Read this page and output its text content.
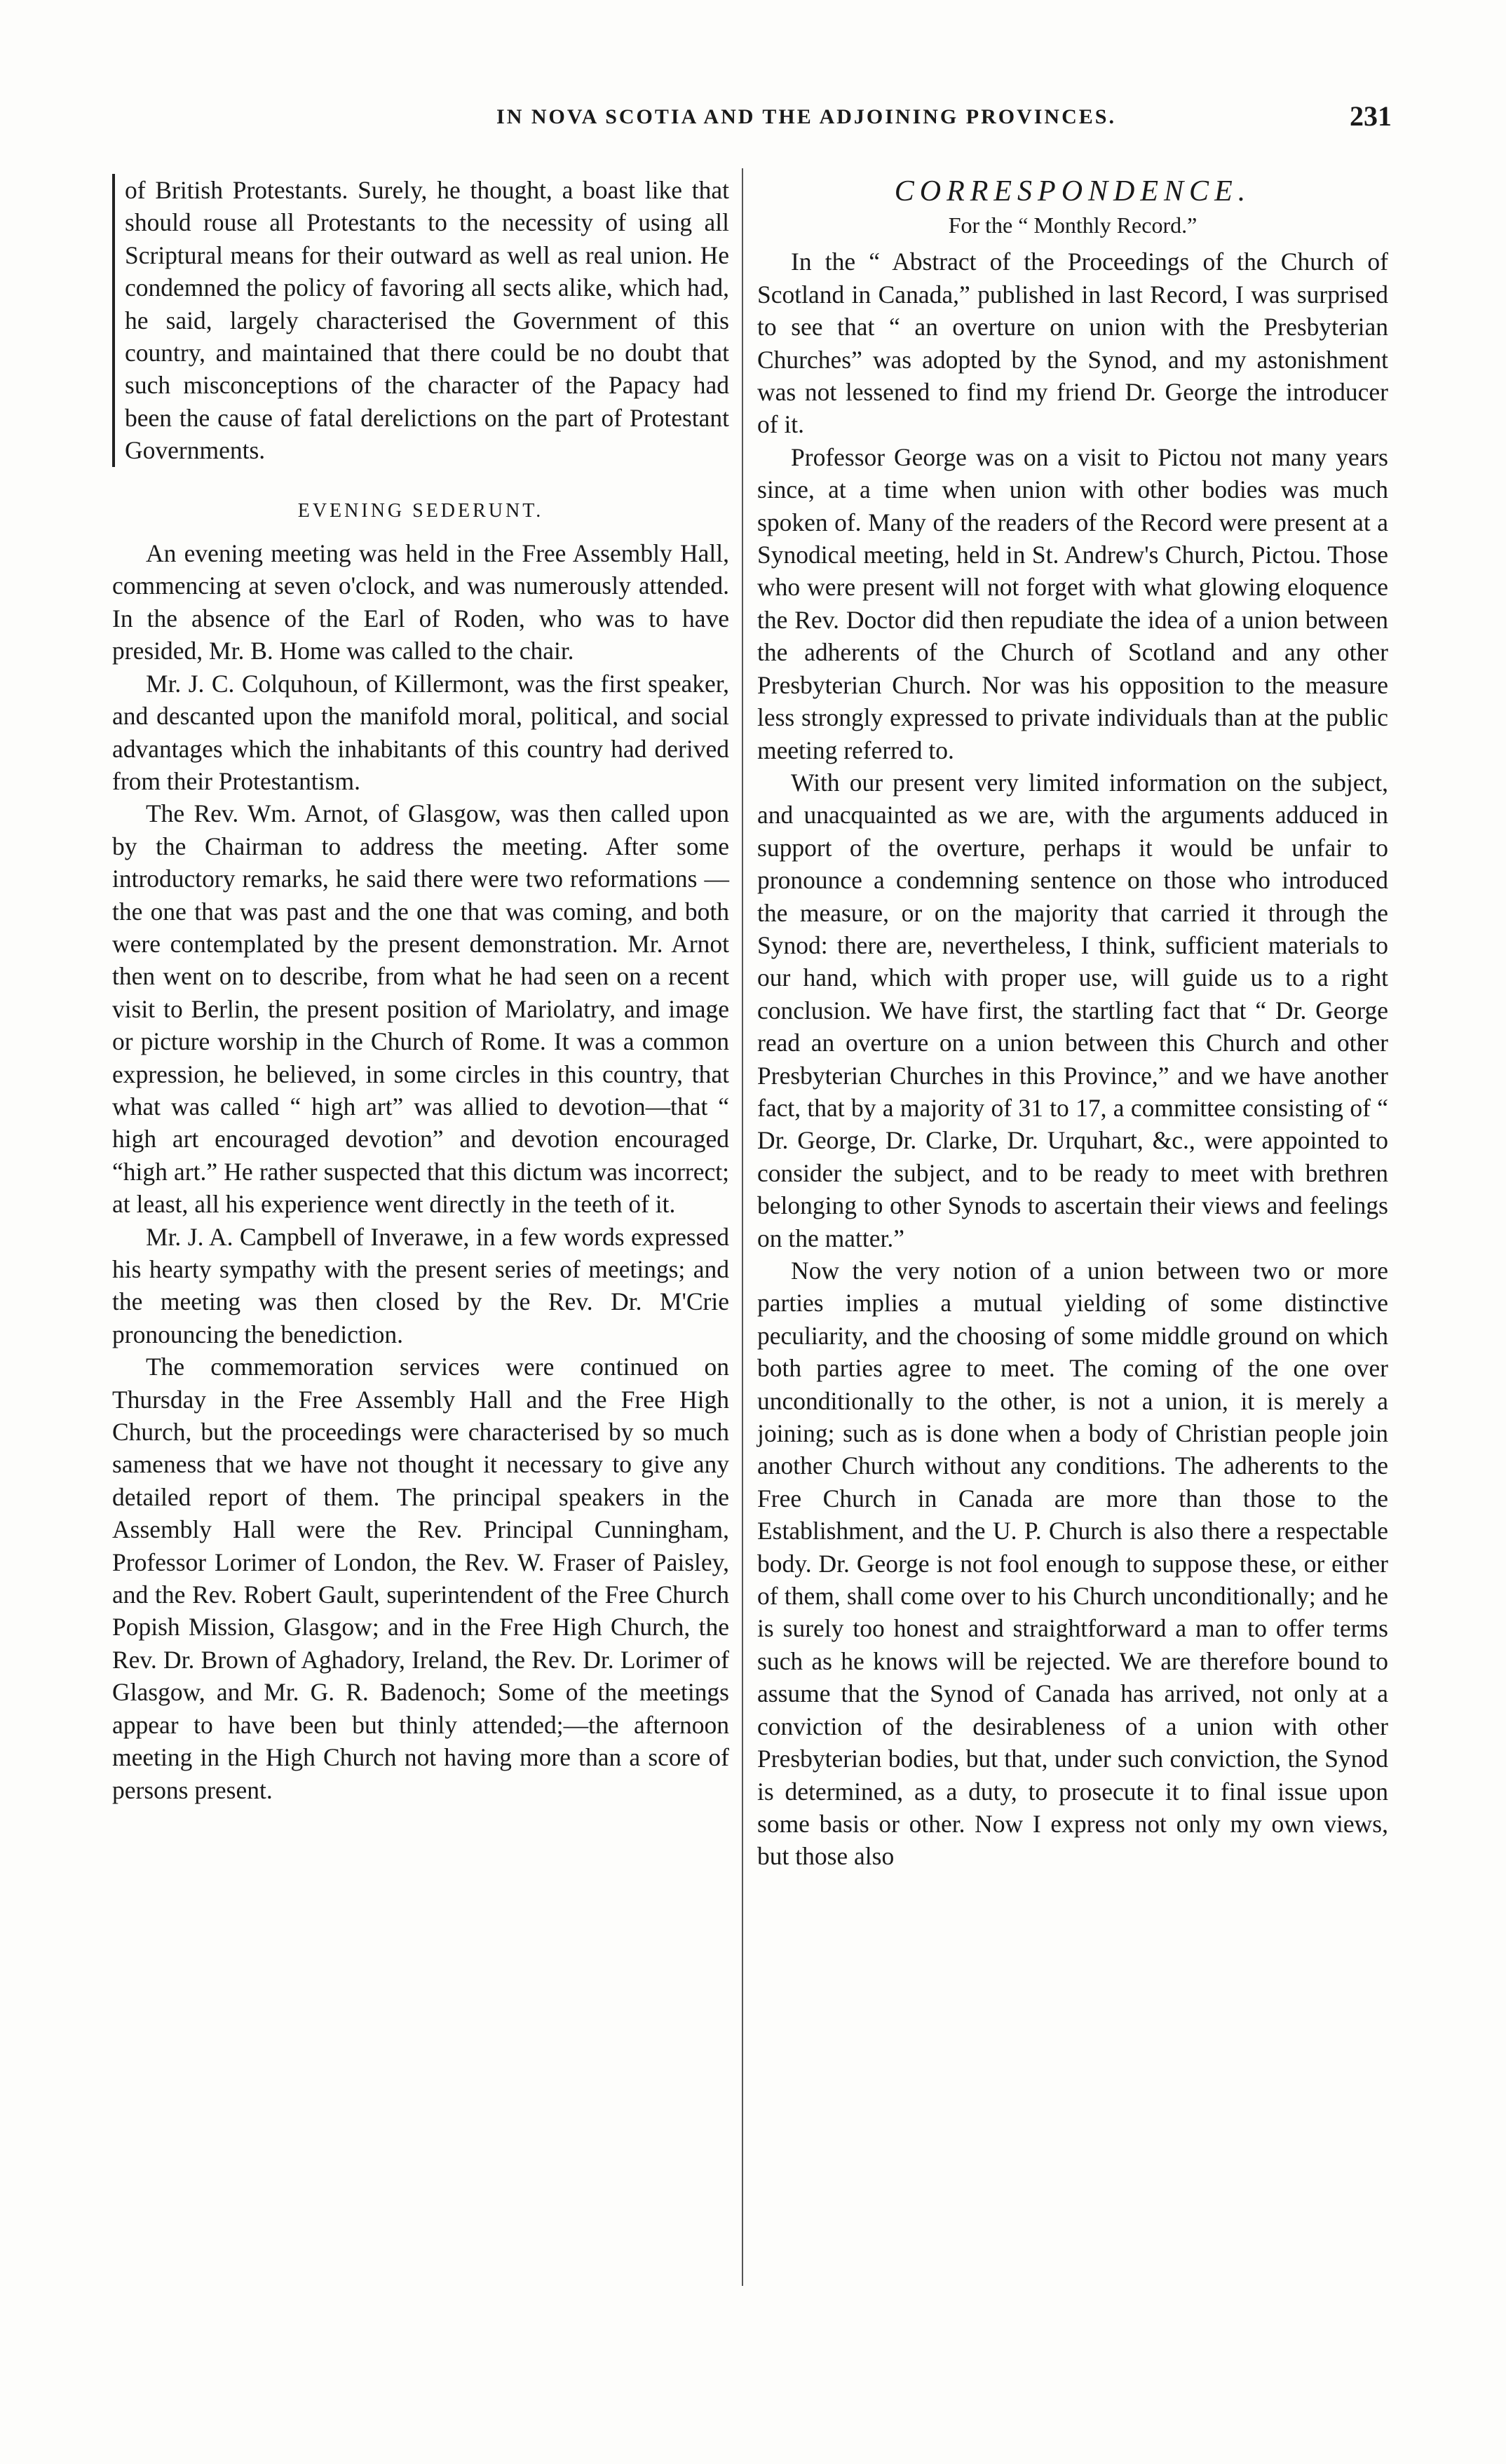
IN NOVA SCOTIA AND THE ADJOINING PROVINCES.	231

of British Protestants. Surely, he thought, a boast like that should rouse all Protestants to the necessity of using all Scriptural means for their outward as well as real union. He condemned the policy of favoring all sects alike, which had, he said, largely characterised the Government of this country, and maintained that there could be no doubt that such misconceptions of the character of the Papacy had been the cause of fatal derelictions on the part of Protestant Governments.

EVENING SEDERUNT.

An evening meeting was held in the Free Assembly Hall, commencing at seven o'clock, and was numerously attended. In the absence of the Earl of Roden, who was to have presided, Mr. B. Home was called to the chair.

Mr. J. C. Colquhoun, of Killermont, was the first speaker, and descanted upon the manifold moral, political, and social advantages which the inhabitants of this country had derived from their Protestantism.

The Rev. Wm. Arnot, of Glasgow, was then called upon by the Chairman to address the meeting. After some introductory remarks, he said there were two reformations —the one that was past and the one that was coming, and both were contemplated by the present demonstration. Mr. Arnot then went on to describe, from what he had seen on a recent visit to Berlin, the present position of Mariolatry, and image or picture worship in the Church of Rome. It was a common expression, he believed, in some circles in this country, that what was called “ high art” was allied to devotion—that “ high art encouraged devotion” and devotion encouraged “high art.” He rather suspected that this dictum was incorrect; at least, all his experience went directly in the teeth of it.

Mr. J. A. Campbell of Inverawe, in a few words expressed his hearty sympathy with the present series of meetings; and the meeting was then closed by the Rev. Dr. M'Crie pronouncing the benediction.

The commemoration services were continued on Thursday in the Free Assembly Hall and the Free High Church, but the proceedings were characterised by so much sameness that we have not thought it necessary to give any detailed report of them. The principal speakers in the Assembly Hall were the Rev. Principal Cunningham, Professor Lorimer of London, the Rev. W. Fraser of Paisley, and the Rev. Robert Gault, superintendent of the Free Church Popish Mission, Glasgow; and in the Free High Church, the Rev. Dr. Brown of Aghadory, Ireland, the Rev. Dr. Lorimer of Glasgow, and Mr. G. R. Badenoch; Some of the meetings appear to have been but thinly attended;—the afternoon meeting in the High Church not having more than a score of persons present.

CORRESPONDENCE.
For the “ Monthly Record.”

In the “ Abstract of the Proceedings of the Church of Scotland in Canada,” published in last Record, I was surprised to see that “ an overture on union with the Presbyterian Churches” was adopted by the Synod, and my astonishment was not lessened to find my friend Dr. George the introducer of it.

Professor George was on a visit to Pictou not many years since, at a time when union with other bodies was much spoken of. Many of the readers of the Record were present at a Synodical meeting, held in St. Andrew's Church, Pictou. Those who were present will not forget with what glowing eloquence the Rev. Doctor did then repudiate the idea of a union between the adherents of the Church of Scotland and any other Presbyterian Church. Nor was his opposition to the measure less strongly expressed to private individuals than at the public meeting referred to.

With our present very limited information on the subject, and unacquainted as we are, with the arguments adduced in support of the overture, perhaps it would be unfair to pronounce a condemning sentence on those who introduced the measure, or on the majority that carried it through the Synod: there are, nevertheless, I think, sufficient materials to our hand, which with proper use, will guide us to a right conclusion. We have first, the startling fact that “ Dr. George read an overture on a union between this Church and other Presbyterian Churches in this Province,” and we have another fact, that by a majority of 31 to 17, a committee consisting of “ Dr. George, Dr. Clarke, Dr. Urquhart, &c., were appointed to consider the subject, and to be ready to meet with brethren belonging to other Synods to ascertain their views and feelings on the matter.”

Now the very notion of a union between two or more parties implies a mutual yielding of some distinctive peculiarity, and the choosing of some middle ground on which both parties agree to meet. The coming of the one over unconditionally to the other, is not a union, it is merely a joining; such as is done when a body of Christian people join another Church without any conditions. The adherents to the Free Church in Canada are more than those to the Establishment, and the U. P. Church is also there a respectable body. Dr. George is not fool enough to suppose these, or either of them, shall come over to his Church unconditionally; and he is surely too honest and straightforward a man to offer terms such as he knows will be rejected. We are therefore bound to assume that the Synod of Canada has arrived, not only at a conviction of the desirableness of a union with other Presbyterian bodies, but that, under such conviction, the Synod is determined, as a duty, to prosecute it to final issue upon some basis or other. Now I express not only my own views, but those also
